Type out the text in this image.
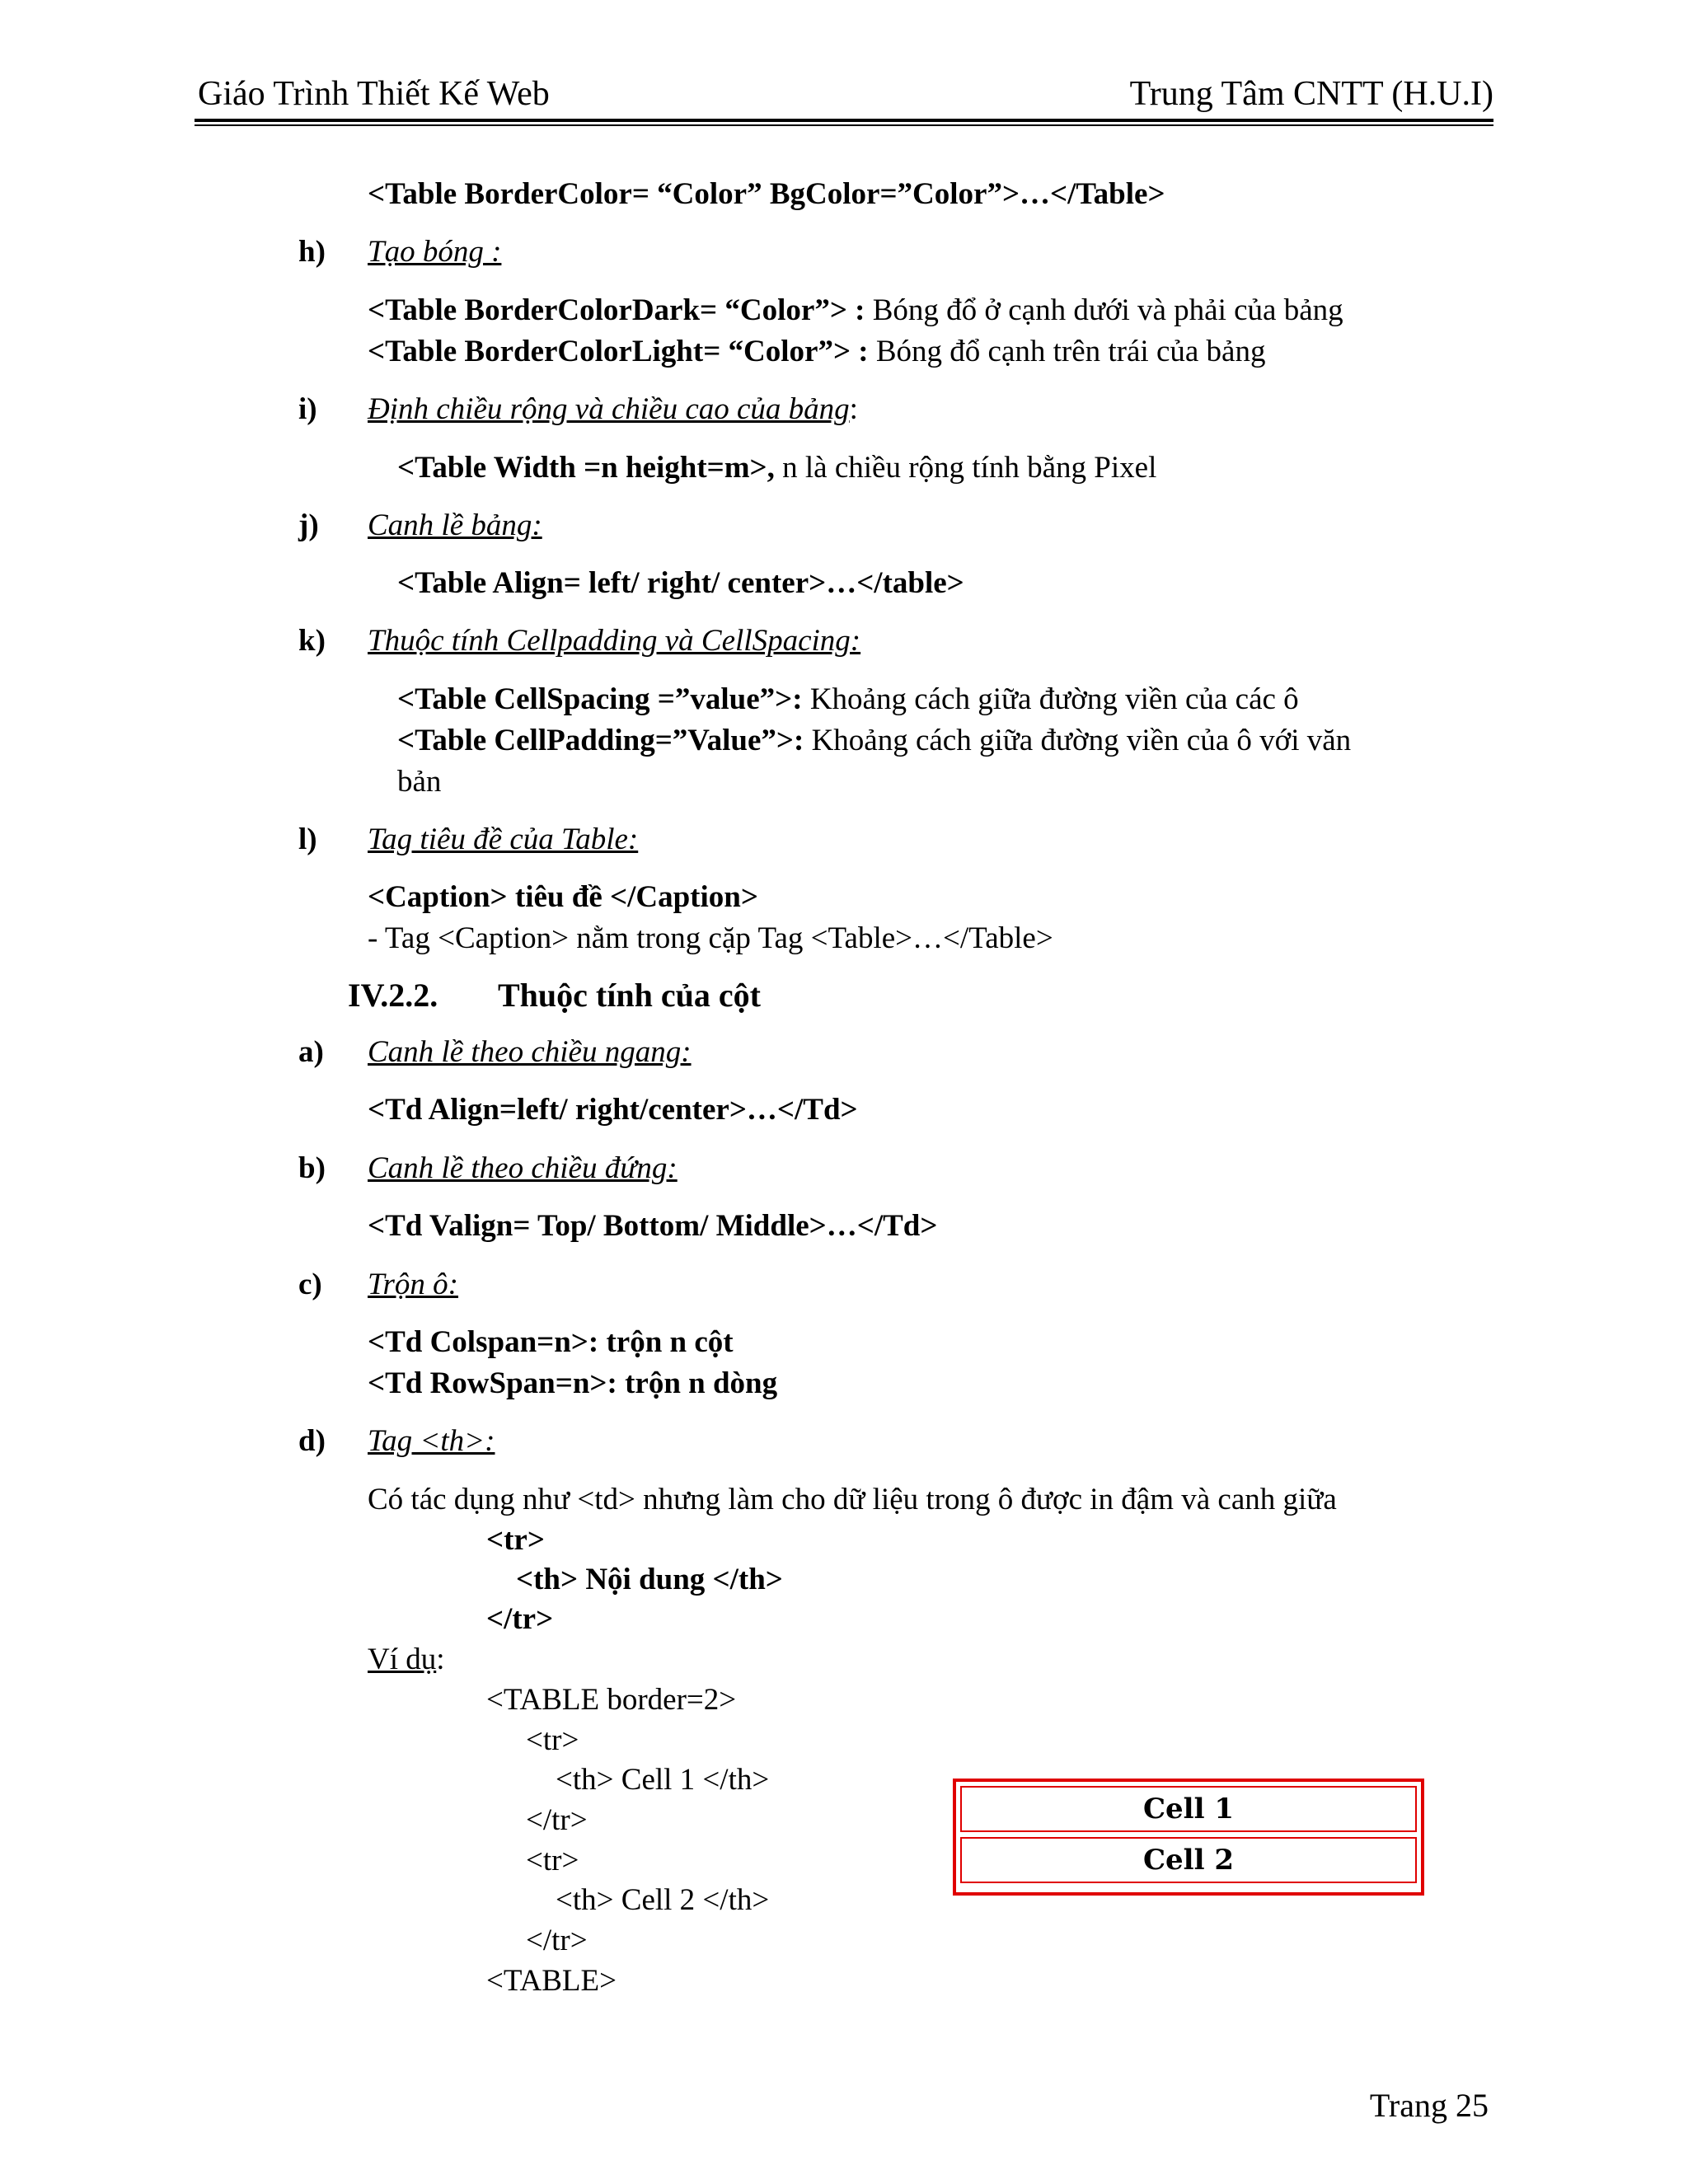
Giáo Trình Thiết Kế Web	Trung Tâm CNTT (H.U.I)
<Table BorderColor= “Color” BgColor=”Color”>…</Table>
h) Tạo bóng :
<Table BorderColorDark= “Color”> : Bóng đổ ở cạnh dưới và phải của bảng
<Table BorderColorLight= “Color”> : Bóng đổ cạnh trên trái của bảng
i) Định chiều rộng và chiều cao của bảng:
<Table Width =n height=m>, n là chiều rộng tính bằng Pixel
j) Canh lề bảng:
<Table Align= left/ right/ center>…</table>
k) Thuộc tính Cellpadding và CellSpacing:
<Table CellSpacing =”value”>: Khoảng cách giữa đường viền của các ô
<Table CellPadding=”Value”>: Khoảng cách giữa đường viền của ô với văn
bản
l) Tag tiêu đề của Table:
<Caption> tiêu đề </Caption>
- Tag <Caption> nằm trong cặp Tag <Table>…</Table>
IV.2.2. Thuộc tính của cột
a) Canh lề theo chiều ngang:
<Td Align=left/ right/center>…</Td>
b) Canh lề theo chiều đứng:
<Td Valign= Top/ Bottom/ Middle>…</Td>
c) Trộn ô:
<Td Colspan=n>: trộn n cột
<Td RowSpan=n>: trộn n dòng
d) Tag <th>:
Có tác dụng như <td> nhưng làm cho dữ liệu trong ô được in đậm và canh giữa
<tr>
<th> Nội dung </th>
</tr>
Ví dụ:
<TABLE border=2>
<tr>
<th> Cell 1 </th>
</tr>
<tr>
<th> Cell 2 </th>
</tr>
<TABLE>
Cell 1
Cell 2
Trang 25
